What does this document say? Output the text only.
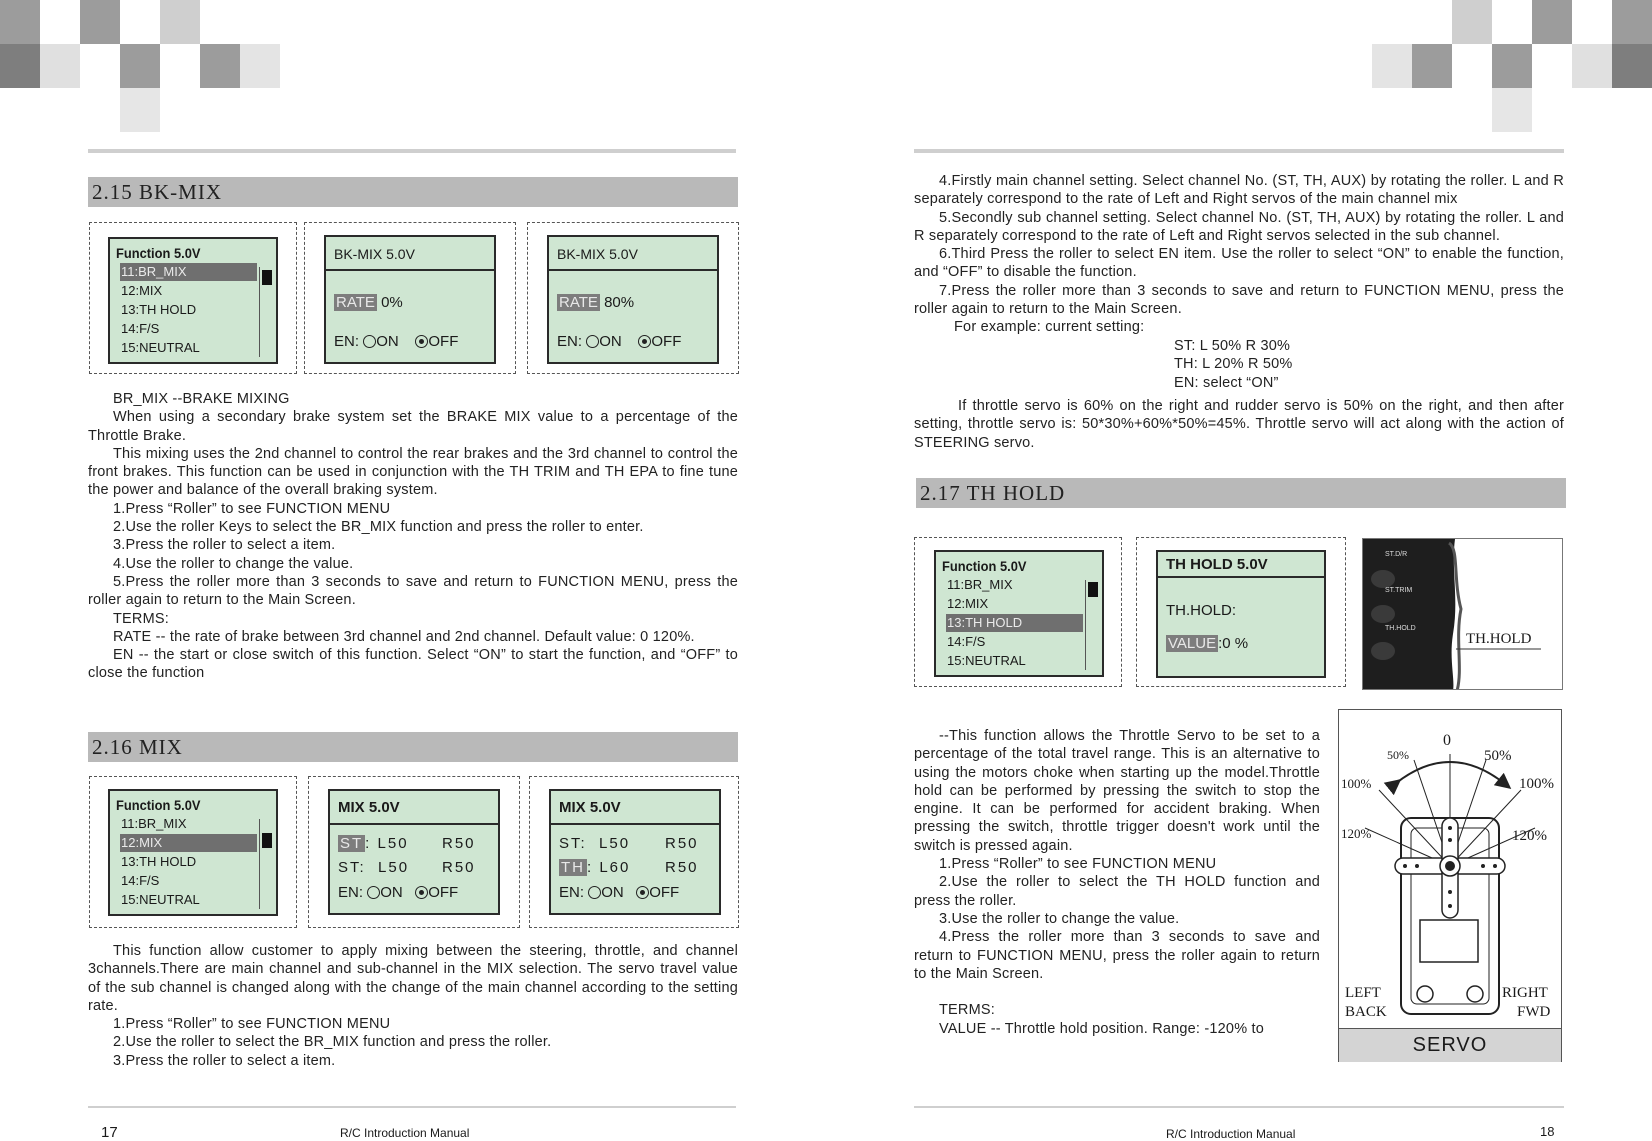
2.15 BK-MIX
Function 5.0V
11:BR_MIX
12:MIX
13:TH HOLD
14:F/S
15:NEUTRAL
BK-MIX 5.0V
RATE 0%
EN: ON OFF
BK-MIX 5.0V
RATE 80%
EN: ON OFF

BR_MIX --BRAKE MIXING

When using a secondary brake system set the BRAKE MIX value to a percentage of the Throttle Brake.

This mixing uses the 2nd channel to control the rear brakes and the 3rd channel to control the front brakes. This function can be used in conjunction with the TH TRIM and TH EPA to fine tune the power and balance of the overall braking system.

1.Press “Roller” to see FUNCTION MENU

2.Use the roller Keys to select the BR_MIX function and press the roller to enter.

3.Press the roller to select a item.

4.Use the roller to change the value.

5.Press the roller more than 3 seconds to save and return to FUNCTION MENU, press the roller again to return to the Main Screen.

TERMS:

RATE -- the rate of brake between 3rd channel and 2nd channel. Default value: 0 120%.

EN -- the start or close switch of this function. Select “ON” to start the function, and “OFF” to close the function

2.16 MIX
Function 5.0V
11:BR_MIX
12:MIX
13:TH HOLD
14:F/S
15:NEUTRAL
MIX 5.0V
ST : L50 R50
ST: L50 R50
EN: ON OFF
MIX 5.0V
ST: L50 R50
TH : L60 R50
EN: ON OFF

This function allow customer to apply mixing between the steering, throttle, and channel 3channels.There are main channel and sub-channel in the MIX selection. The servo travel value of the sub channel is changed along with the change of the main channel according to the setting rate.

1.Press “Roller” to see FUNCTION MENU

2.Use the roller to select the BR_MIX function and press the roller.

3.Press the roller to select a item.

17	R/C Introduction Manual

4.Firstly main channel setting. Select channel No. (ST, TH, AUX) by rotating the roller. L and R separately correspond to the rate of Left and Right servos of the main channel mix

5.Secondly sub channel setting. Select channel No. (ST, TH, AUX) by rotating the roller. L and R separately correspond to the rate of Left and Right servos selected in the sub channel.

6.Third Press the roller to select EN item. Use the roller to select “ON” to enable the function, and “OFF” to disable the function.

7.Press the roller more than 3 seconds to save and return to FUNCTION MENU, press the roller again to return to the Main Screen.

For example: current setting:

ST: L 50% R 30%

TH: L 20% R 50%

EN: select “ON”

If throttle servo is 60% on the right and rudder servo is 50% on the right, and then after setting, throttle servo is: 50*30%+60%*50%=45%. Throttle servo will act along with the action of STEERING servo.

2.17 TH HOLD
Function 5.0V
11:BR_MIX
12:MIX
13:TH HOLD
14:F/S
15:NEUTRAL
TH HOLD 5.0V
TH.HOLD:
VALUE :0 %
ST.D/R
ST.TRIM
TH.HOLD
TH.HOLD

--This function allows the Throttle Servo to be set to a percentage of the total travel range. This is an alternative to using the motors choke when starting up the model.Throttle hold can be performed by pressing the switch to stop the engine. It can be performed for accident braking. When pressing the switch, throttle trigger doesn't work until the switch is pressed again.

1.Press “Roller” to see FUNCTION MENU

2.Use the roller to select the TH HOLD function and press the roller.

3.Use the roller to change the value.

4.Press the roller more than 3 seconds to save and return to FUNCTION MENU, press the roller again to return to the Main Screen.

TERMS:

VALUE -- Throttle hold position. Range: -120% to

0
50%	50%
100%	100%
120%	120%
LEFT
BACK
RIGHT
FWD
SERVO
R/C Introduction Manual	18
